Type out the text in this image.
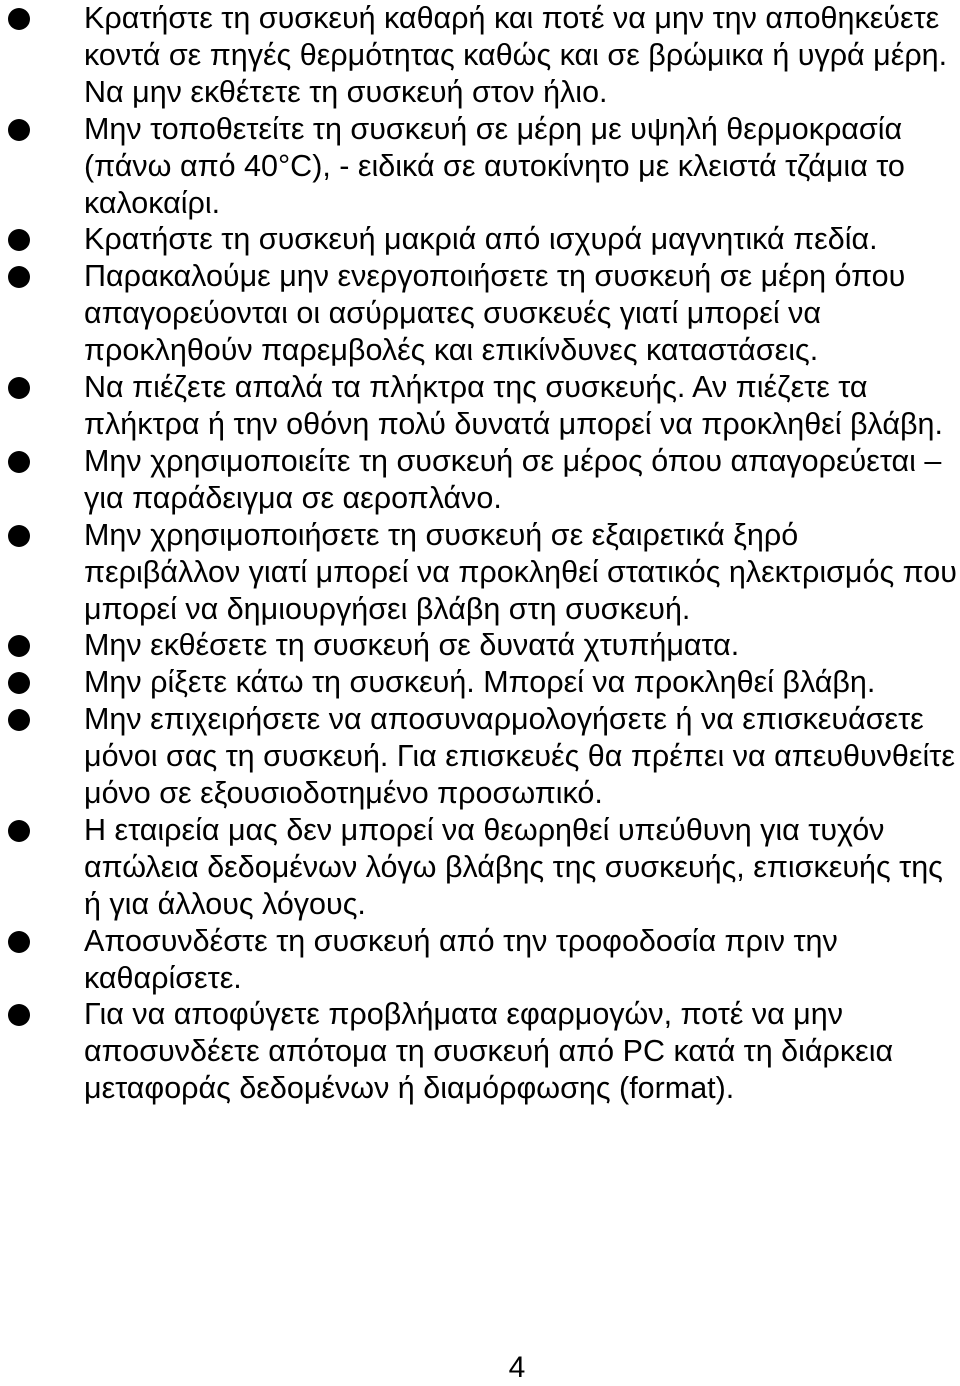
Κρατήστε τη συσκευή καθαρή και ποτέ να μην την αποθηκεύετε κοντά σε πηγές θερμότητας καθώς και σε βρώμικα ή υγρά μέρη. Να μην εκθέτετε τη συσκευή στον ήλιο.
Μην τοποθετείτε τη συσκευή σε μέρη με υψηλή θερμοκρασία (πάνω από 40°C), - ειδικά σε αυτοκίνητο με κλειστά τζάμια το καλοκαίρι.
Κρατήστε τη συσκευή μακριά από ισχυρά μαγνητικά πεδία.
Παρακαλούμε μην ενεργοποιήσετε τη συσκευή σε μέρη όπου απαγορεύονται οι ασύρματες συσκευές γιατί μπορεί να προκληθούν παρεμβολές και επικίνδυνες καταστάσεις.
Να πιέζετε απαλά τα πλήκτρα της συσκευής. Αν πιέζετε τα πλήκτρα ή την οθόνη πολύ δυνατά μπορεί να προκληθεί βλάβη.
Μην χρησιμοποιείτε τη συσκευή σε μέρος όπου απαγορεύεται – για παράδειγμα σε αεροπλάνο.
Μην χρησιμοποιήσετε τη συσκευή σε εξαιρετικά ξηρό περιβάλλον γιατί μπορεί να προκληθεί στατικός ηλεκτρισμός που μπορεί να δημιουργήσει βλάβη στη συσκευή.
Μην εκθέσετε τη συσκευή σε δυνατά χτυπήματα.
Μην ρίξετε κάτω τη συσκευή. Μπορεί να προκληθεί βλάβη.
Μην επιχειρήσετε να αποσυναρμολογήσετε ή να επισκευάσετε μόνοι σας τη συσκευή. Για επισκευές θα πρέπει να απευθυνθείτε μόνο σε εξουσιοδοτημένο προσωπικό.
Η εταιρεία μας δεν μπορεί να θεωρηθεί υπεύθυνη για τυχόν απώλεια δεδομένων λόγω βλάβης της συσκευής, επισκευής της ή για άλλους λόγους.
Αποσυνδέστε τη συσκευή από την τροφοδοσία πριν την καθαρίσετε.
Για να αποφύγετε προβλήματα εφαρμογών, ποτέ να μην αποσυνδέετε απότομα τη συσκευή από PC κατά τη διάρκεια μεταφοράς δεδομένων ή διαμόρφωσης (format).
4
